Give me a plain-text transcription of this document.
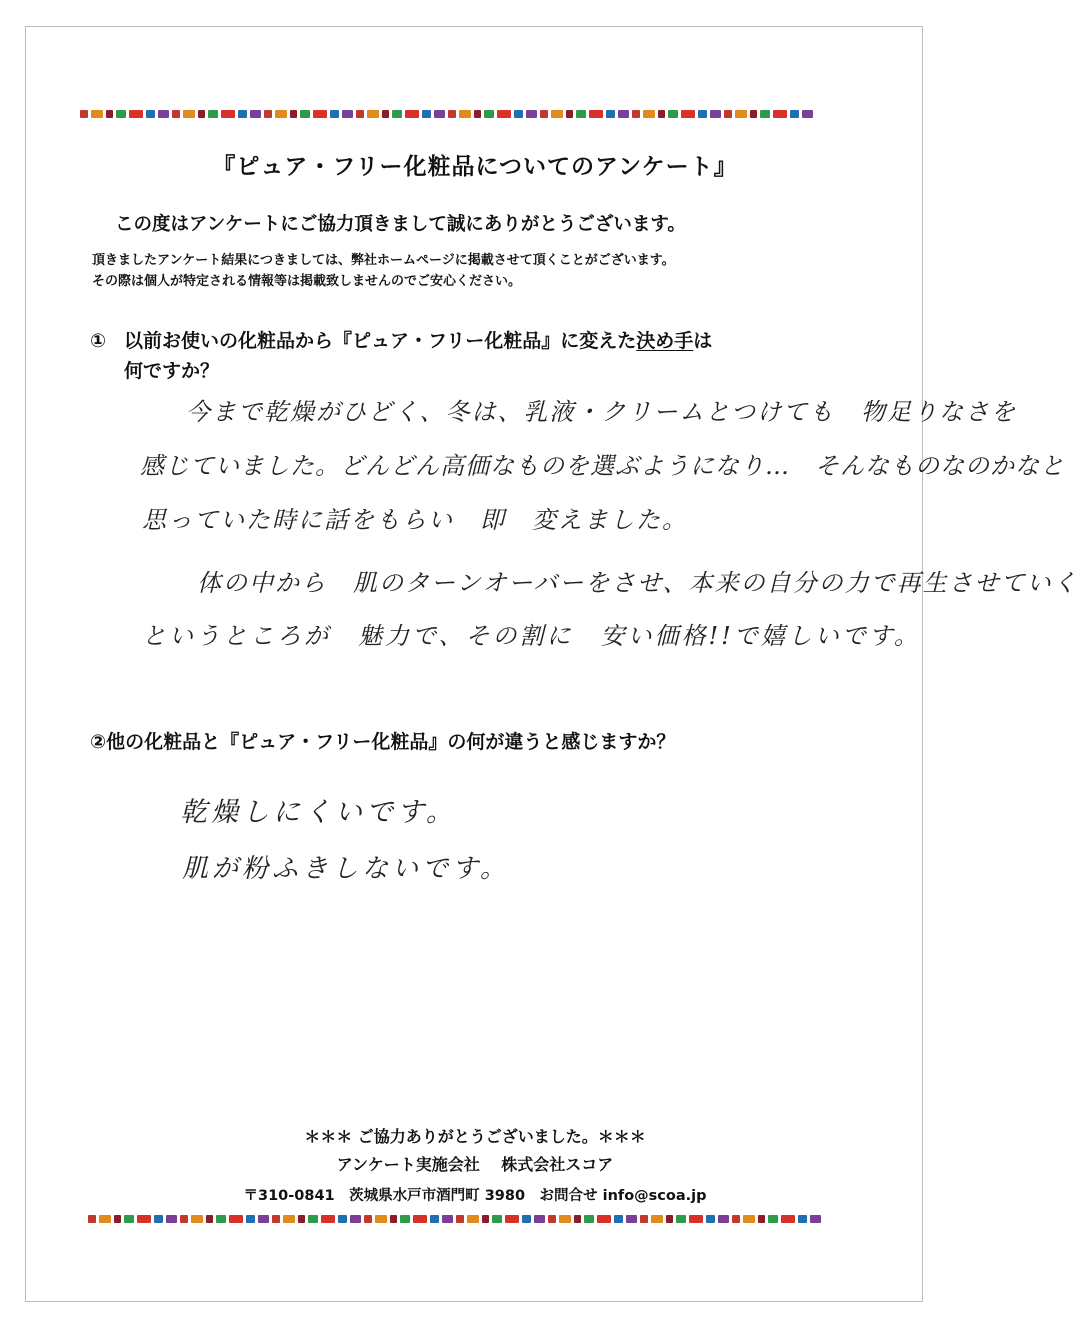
『ピュア・フリー化粧品についてのアンケート』
この度はアンケートにご協力頂きまして誠にありがとうございます。
頂きましたアンケート結果につきましては、弊社ホームページに掲載させて頂くことがございます。
その際は個人が特定される情報等は掲載致しませんのでご安心ください。
① 以前お使いの化粧品から『ピュア・フリー化粧品』に変えた決め手は
何ですか？
今まで乾燥がひどく、冬は、乳液・クリームとつけても　物足りなさを
感じていました。どんどん高価なものを選ぶようになり…　そんなものなのかなと
思っていた時に話をもらい　即　変えました。
体の中から　肌のターンオーバーをさせ、本来の自分の力で再生させていく
というところが　魅力で、その割に　安い価格!!で嬉しいです。
②他の化粧品と『ピュア・フリー化粧品』の何が違うと感じますか？
乾燥しにくいです。
肌が粉ふきしないです。
＊＊＊ ご協力ありがとうございました。＊＊＊
アンケート実施会社　 株式会社スコア
〒310-0841　茨城県水戸市酒門町 3980　お問合せ info@scoa.jp
